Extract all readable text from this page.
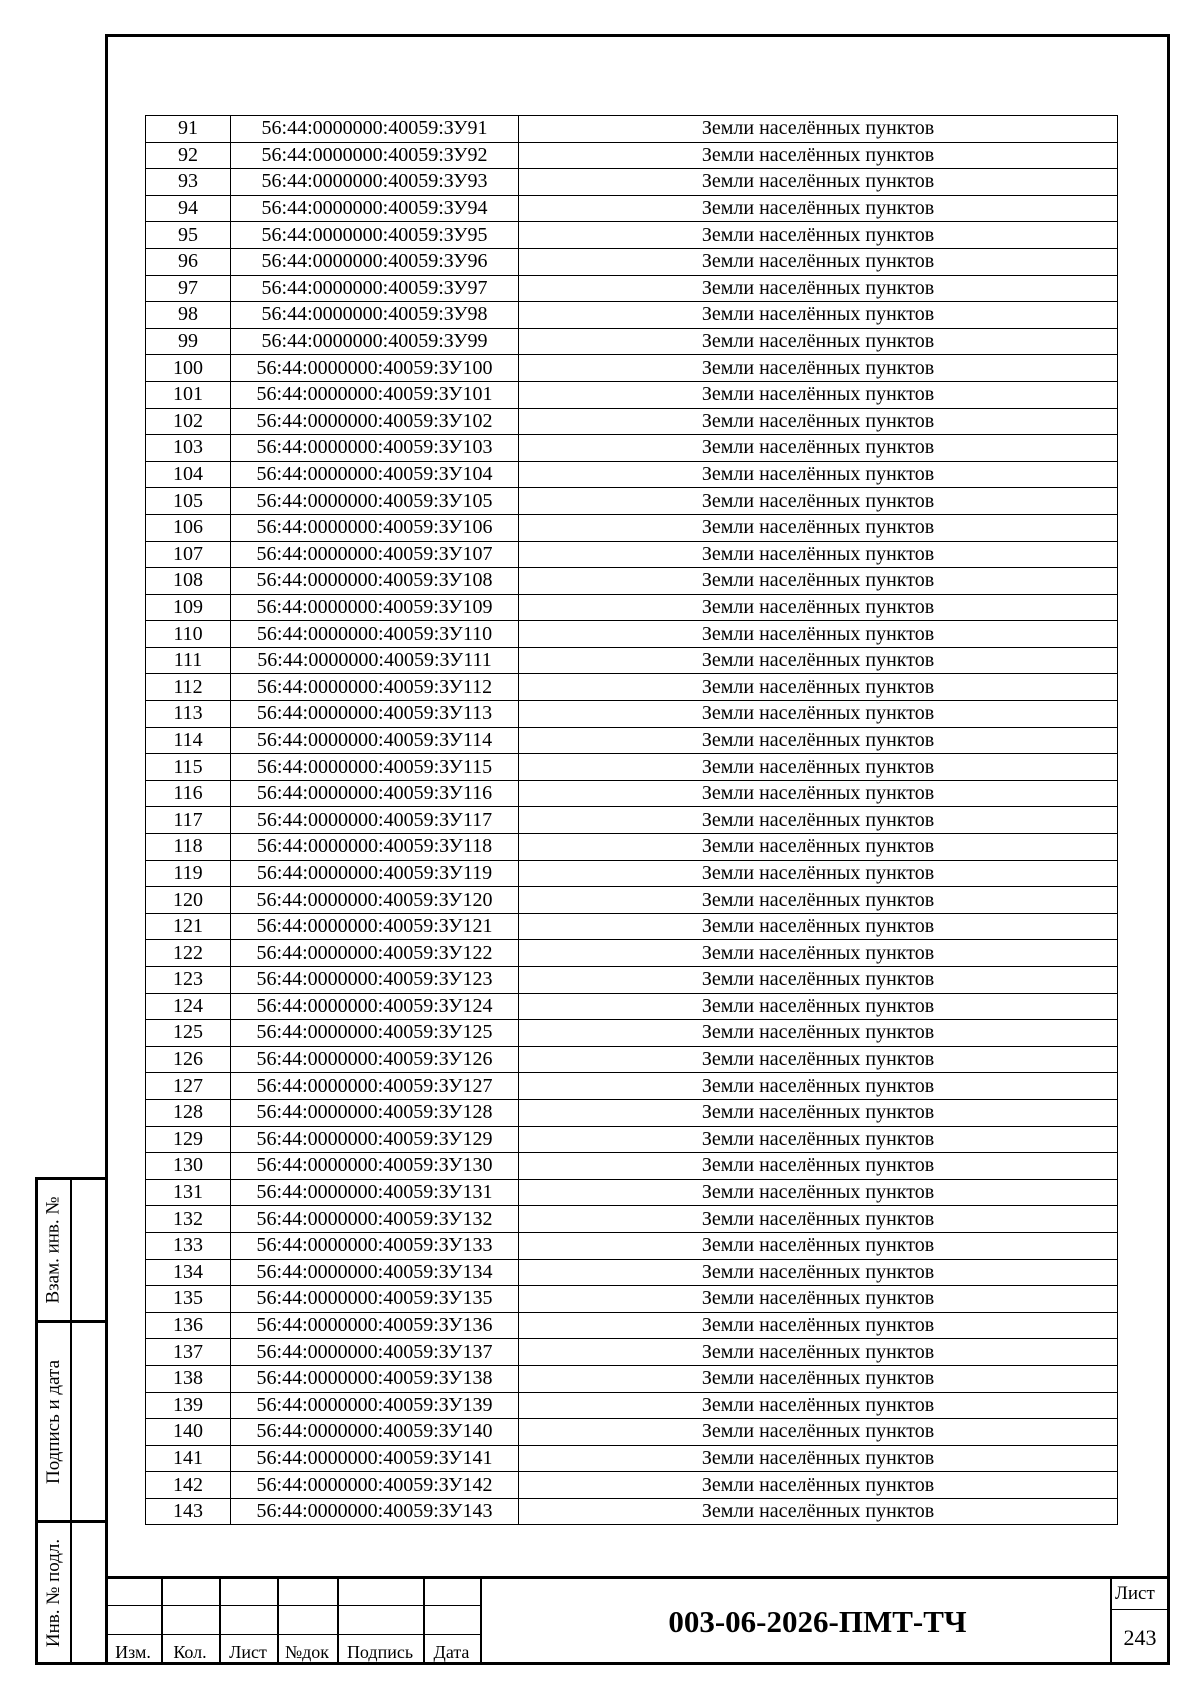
Взам. инв. №
Подпись и дата
Инв. № подл.
91	56:44:0000000:40059:ЗУ91	Земли населённых пунктов
92	56:44:0000000:40059:ЗУ92	Земли населённых пунктов
93	56:44:0000000:40059:ЗУ93	Земли населённых пунктов
94	56:44:0000000:40059:ЗУ94	Земли населённых пунктов
95	56:44:0000000:40059:ЗУ95	Земли населённых пунктов
96	56:44:0000000:40059:ЗУ96	Земли населённых пунктов
97	56:44:0000000:40059:ЗУ97	Земли населённых пунктов
98	56:44:0000000:40059:ЗУ98	Земли населённых пунктов
99	56:44:0000000:40059:ЗУ99	Земли населённых пунктов
100	56:44:0000000:40059:ЗУ100	Земли населённых пунктов
101	56:44:0000000:40059:ЗУ101	Земли населённых пунктов
102	56:44:0000000:40059:ЗУ102	Земли населённых пунктов
103	56:44:0000000:40059:ЗУ103	Земли населённых пунктов
104	56:44:0000000:40059:ЗУ104	Земли населённых пунктов
105	56:44:0000000:40059:ЗУ105	Земли населённых пунктов
106	56:44:0000000:40059:ЗУ106	Земли населённых пунктов
107	56:44:0000000:40059:ЗУ107	Земли населённых пунктов
108	56:44:0000000:40059:ЗУ108	Земли населённых пунктов
109	56:44:0000000:40059:ЗУ109	Земли населённых пунктов
110	56:44:0000000:40059:ЗУ110	Земли населённых пунктов
111	56:44:0000000:40059:ЗУ111	Земли населённых пунктов
112	56:44:0000000:40059:ЗУ112	Земли населённых пунктов
113	56:44:0000000:40059:ЗУ113	Земли населённых пунктов
114	56:44:0000000:40059:ЗУ114	Земли населённых пунктов
115	56:44:0000000:40059:ЗУ115	Земли населённых пунктов
116	56:44:0000000:40059:ЗУ116	Земли населённых пунктов
117	56:44:0000000:40059:ЗУ117	Земли населённых пунктов
118	56:44:0000000:40059:ЗУ118	Земли населённых пунктов
119	56:44:0000000:40059:ЗУ119	Земли населённых пунктов
120	56:44:0000000:40059:ЗУ120	Земли населённых пунктов
121	56:44:0000000:40059:ЗУ121	Земли населённых пунктов
122	56:44:0000000:40059:ЗУ122	Земли населённых пунктов
123	56:44:0000000:40059:ЗУ123	Земли населённых пунктов
124	56:44:0000000:40059:ЗУ124	Земли населённых пунктов
125	56:44:0000000:40059:ЗУ125	Земли населённых пунктов
126	56:44:0000000:40059:ЗУ126	Земли населённых пунктов
127	56:44:0000000:40059:ЗУ127	Земли населённых пунктов
128	56:44:0000000:40059:ЗУ128	Земли населённых пунктов
129	56:44:0000000:40059:ЗУ129	Земли населённых пунктов
130	56:44:0000000:40059:ЗУ130	Земли населённых пунктов
131	56:44:0000000:40059:ЗУ131	Земли населённых пунктов
132	56:44:0000000:40059:ЗУ132	Земли населённых пунктов
133	56:44:0000000:40059:ЗУ133	Земли населённых пунктов
134	56:44:0000000:40059:ЗУ134	Земли населённых пунктов
135	56:44:0000000:40059:ЗУ135	Земли населённых пунктов
136	56:44:0000000:40059:ЗУ136	Земли населённых пунктов
137	56:44:0000000:40059:ЗУ137	Земли населённых пунктов
138	56:44:0000000:40059:ЗУ138	Земли населённых пунктов
139	56:44:0000000:40059:ЗУ139	Земли населённых пунктов
140	56:44:0000000:40059:ЗУ140	Земли населённых пунктов
141	56:44:0000000:40059:ЗУ141	Земли населённых пунктов
142	56:44:0000000:40059:ЗУ142	Земли населённых пунктов
143	56:44:0000000:40059:ЗУ143	Земли населённых пунктов
Изм.	Кол.	Лист	№док Подпись	Дата
003-06-2026-ПМТ-ТЧ
Лист
243
